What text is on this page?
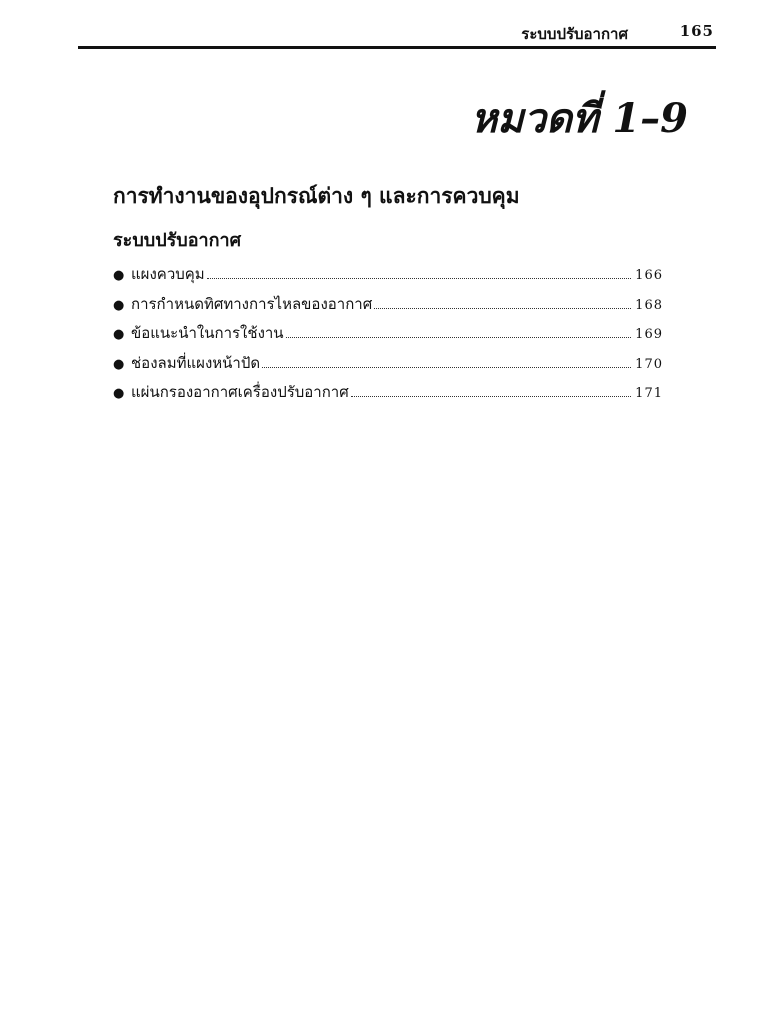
ระบบปรับอากาศ	165
หมวดที่ 1–9
การทำงานของอุปกรณ์ต่าง ๆ และการควบคุม
ระบบปรับอากาศ
● แผงควบคุม	166
● การกำหนดทิศทางการไหลของอากาศ	168
● ข้อแนะนำในการใช้งาน	169
● ช่องลมที่แผงหน้าปัด	170
● แผ่นกรองอากาศเครื่องปรับอากาศ	171
